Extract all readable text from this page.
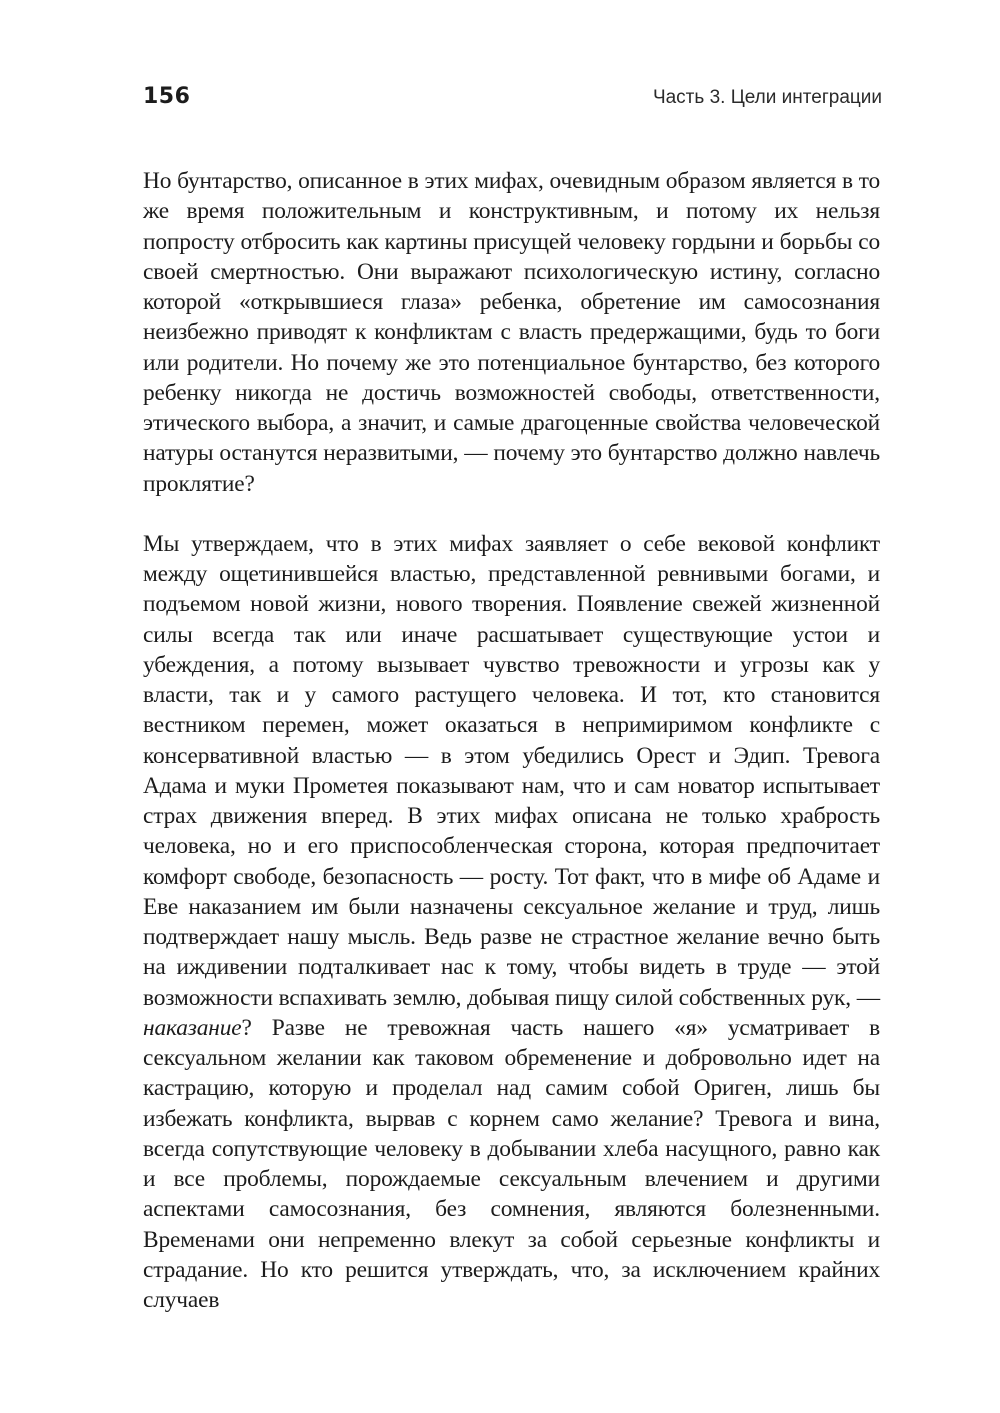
156	Часть 3. Цели интеграции

Но бунтарство, описанное в этих мифах, очевидным образом является в то же время положительным и конструктивным, и потому их нельзя попросту отбросить как картины присущей человеку гордыни и борьбы со своей смертностью. Они выражают психологическую истину, согласно которой «открывшиеся глаза» ребенка, обретение им самосознания неизбежно приводят к конфликтам с власть предержащими, будь то боги или родители. Но почему же это потенциальное бунтарство, без которого ребенку никогда не достичь возможностей свободы, ответственности, этического выбора, а значит, и самые драгоценные свойства человеческой натуры останутся неразвитыми, — почему это бунтарство должно навлечь проклятие?

Мы утверждаем, что в этих мифах заявляет о себе вековой конфликт между ощетинившейся властью, представленной ревнивыми богами, и подъемом новой жизни, нового творения. Появление свежей жизненной силы всегда так или иначе расшатывает существующие устои и убеждения, а потому вызывает чувство тревожности и угрозы как у власти, так и у самого растущего человека. И тот, кто становится вестником перемен, может оказаться в непримиримом конфликте с консервативной властью — в этом убедились Орест и Эдип. Тревога Адама и муки Прометея показывают нам, что и сам новатор испытывает страх движения вперед. В этих мифах описана не только храбрость человека, но и его приспособленческая сторона, которая предпочитает комфорт свободе, безопасность — росту. Тот факт, что в мифе об Адаме и Еве наказанием им были назначены сексуальное желание и труд, лишь подтверждает нашу мысль. Ведь разве не страстное желание вечно быть на иждивении подталкивает нас к тому, чтобы видеть в труде — этой возможности вспахивать землю, добывая пищу силой собственных рук, — наказание? Разве не тревожная часть нашего «я» усматривает в сексуальном желании как таковом обременение и добровольно идет на кастрацию, которую и проделал над самим собой Ориген, лишь бы избежать конфликта, вырвав с корнем само желание? Тревога и вина, всегда сопутствующие человеку в добывании хлеба насущного, равно как и все проблемы, порождаемые сексуальным влечением и другими аспектами самосознания, без сомнения, являются болезненными. Временами они непременно влекут за собой серьезные конфликты и страдание. Но кто решится утверждать, что, за исключением крайних случаев
